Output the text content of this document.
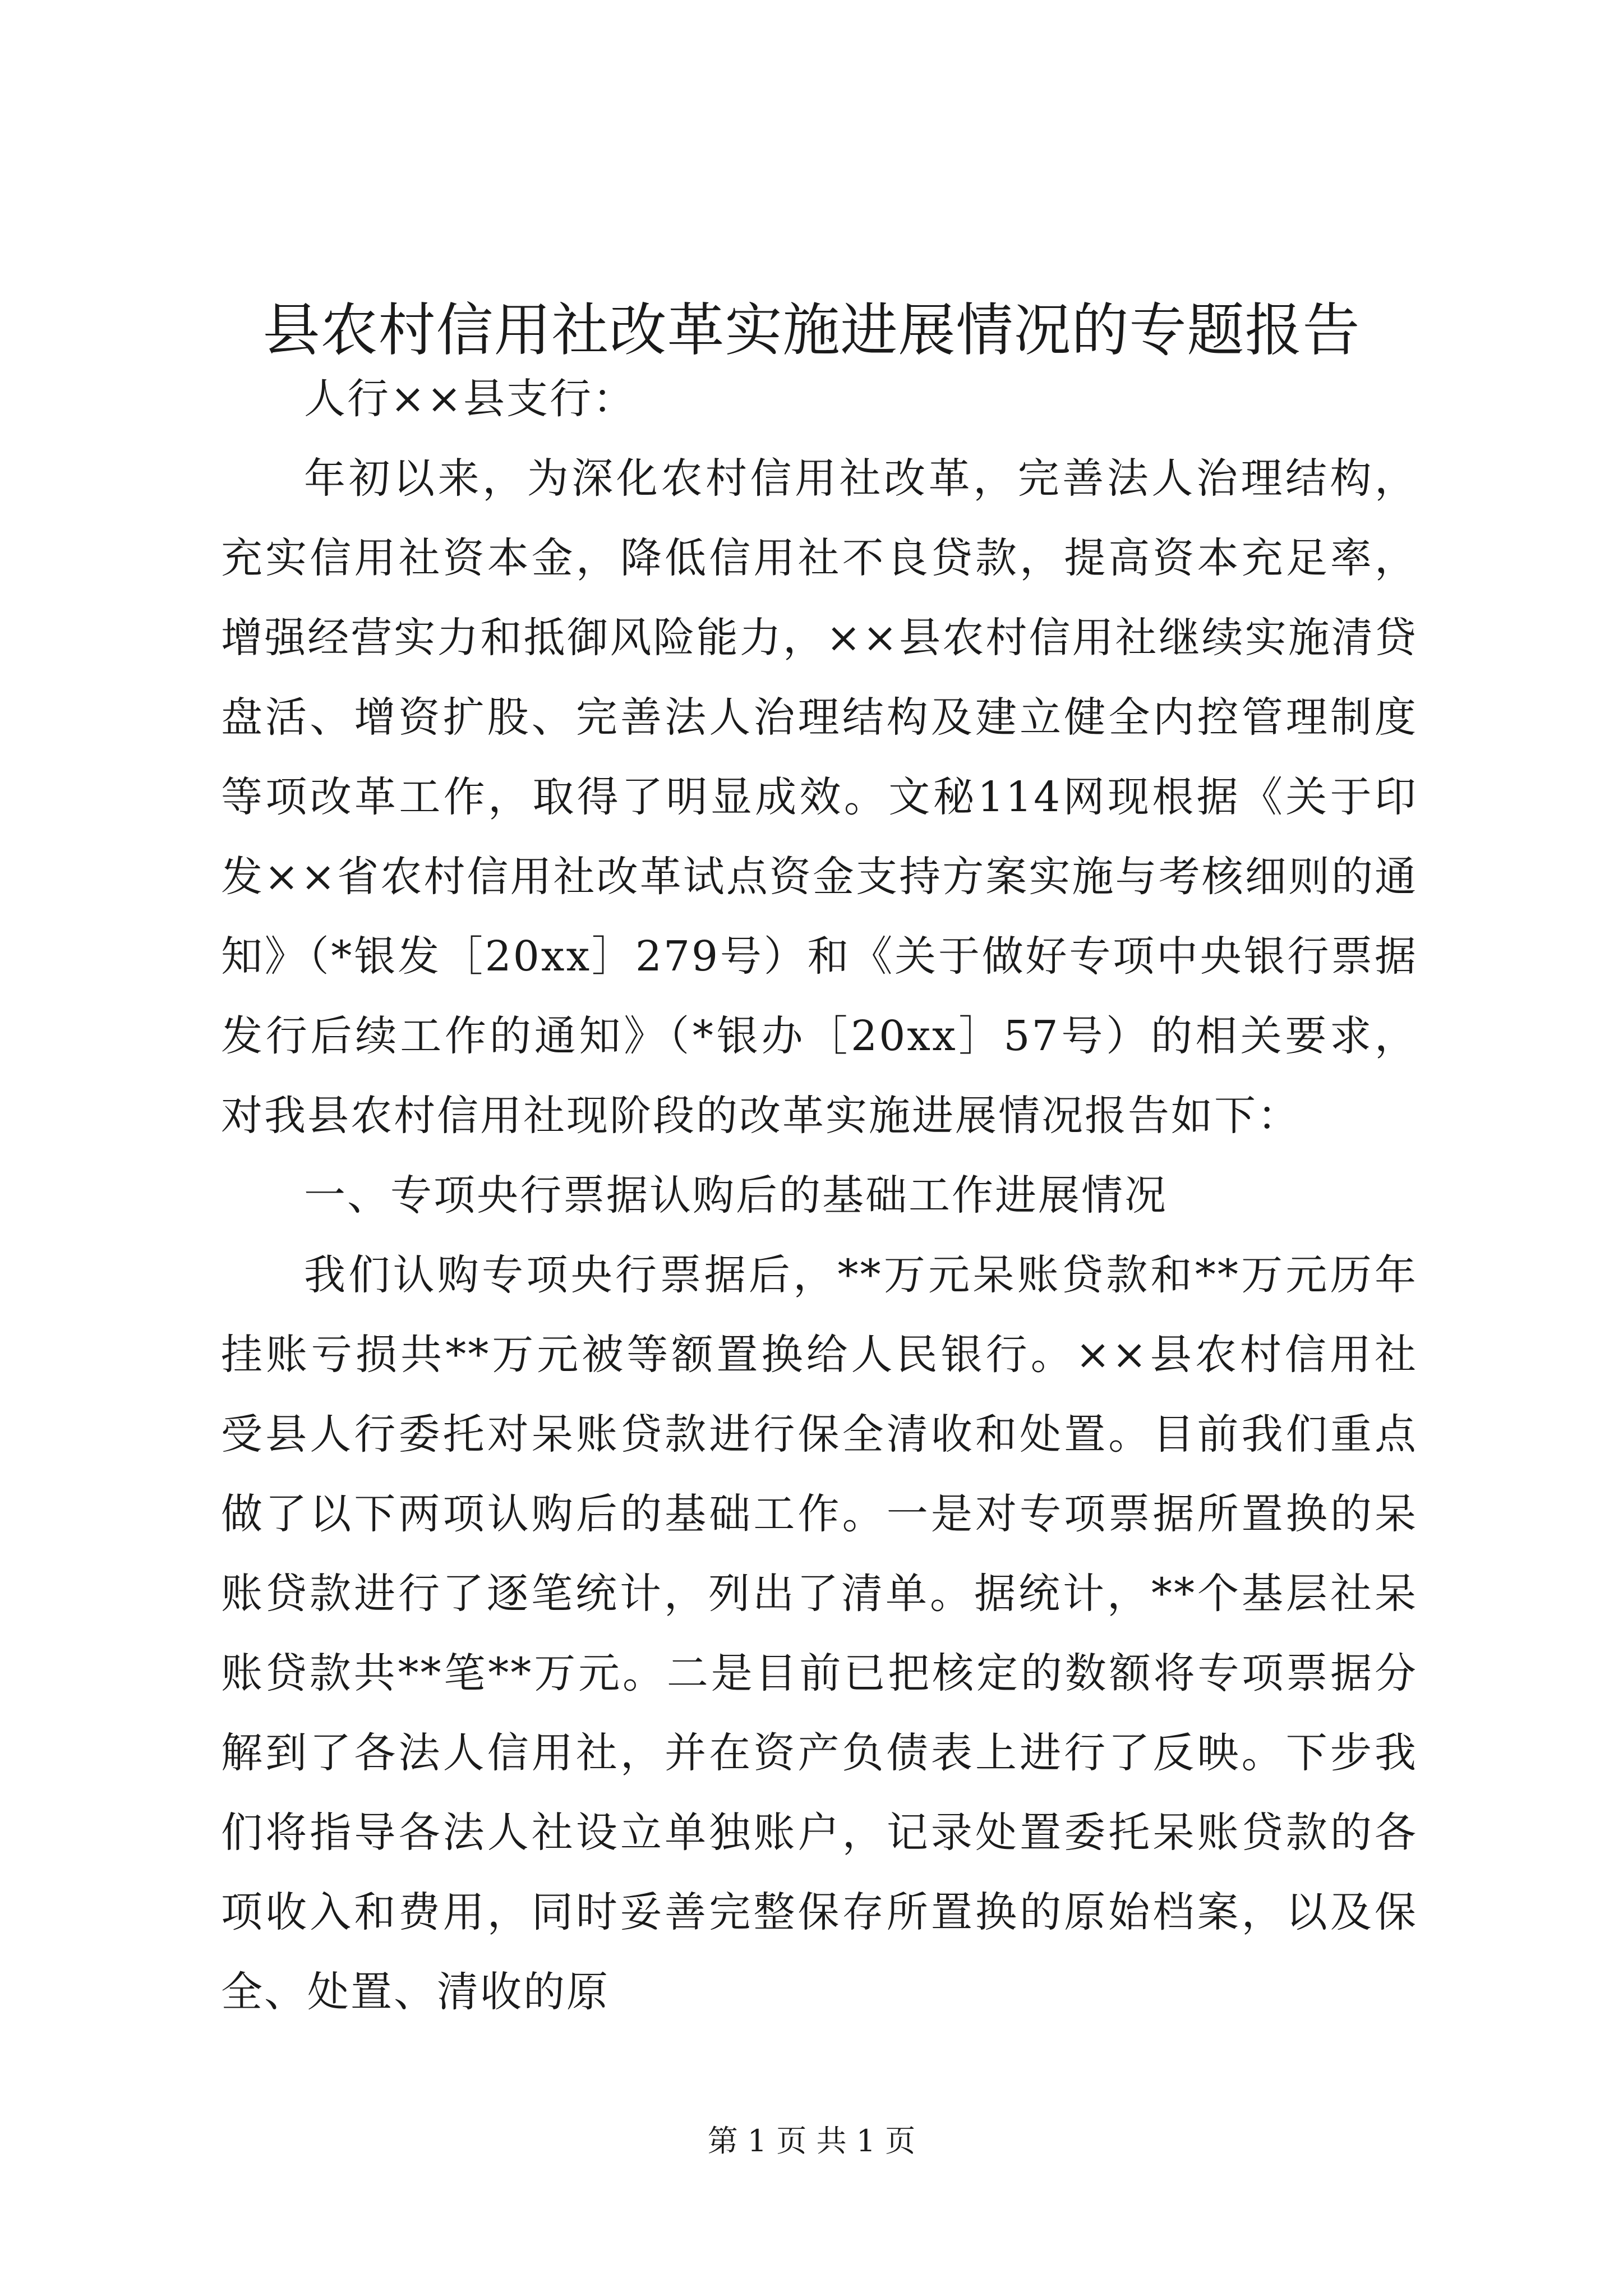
县农村信用社改革实施进展情况的专题报告

人行××县支行：

年初以来，为深化农村信用社改革，完善法人治理结构，充实信用社资本金，降低信用社不良贷款，提高资本充足率，增强经营实力和抵御风险能力，××县农村信用社继续实施清贷盘活、增资扩股、完善法人治理结构及建立健全内控管理制度等项改革工作，取得了明显成效。文秘114网现根据《关于印发××省农村信用社改革试点资金支持方案实施与考核细则的通知》（*银发［20xx］279号）和《关于做好专项中央银行票据发行后续工作的通知》（*银办［20xx］57号）的相关要求，对我县农村信用社现阶段的改革实施进展情况报告如下：

一、专项央行票据认购后的基础工作进展情况

我们认购专项央行票据后，**万元呆账贷款和**万元历年挂账亏损共**万元被等额置换给人民银行。××县农村信用社受县人行委托对呆账贷款进行保全清收和处置。目前我们重点做了以下两项认购后的基础工作。一是对专项票据所置换的呆账贷款进行了逐笔统计，列出了清单。据统计，**个基层社呆账贷款共**笔**万元。二是目前已把核定的数额将专项票据分解到了各法人信用社，并在资产负债表上进行了反映。下步我们将指导各法人社设立单独账户，记录处置委托呆账贷款的各项收入和费用，同时妥善完整保存所置换的原始档案，以及保全、处置、清收的原

第 1 页 共 1 页
